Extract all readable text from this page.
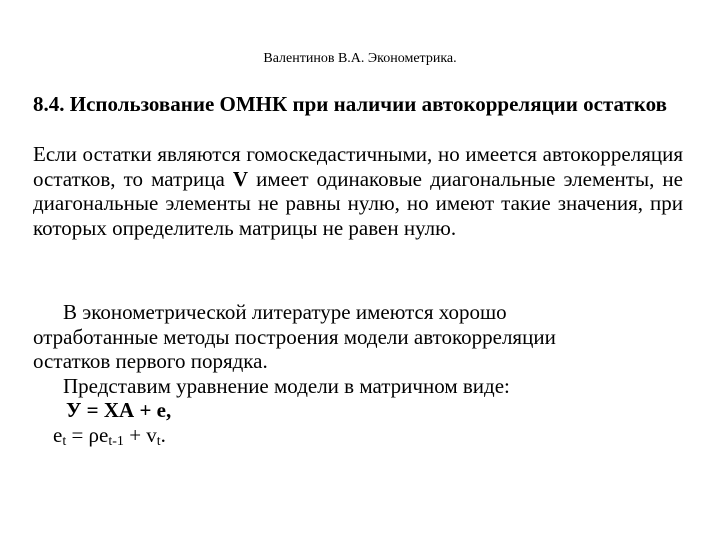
Валентинов В.А. Эконометрика.
8.4. Использование ОМНК при наличии автокорреляции остатков

Если остатки являются гомоскедастичными, но имеется автокорреляция остатков, то матрица V имеет одинаковые диагональные элементы, не диагональные элементы не равны нулю, но имеют такие значения, при которых определитель матрицы не равен нулю.

В эконометрической литературе имеются хорошо
отработанные методы построения модели автокорреляции
остатков первого порядка.
Представим уравнение модели в матричном виде:
У = ХА + е,
$e_t = \rho e_{t-1} + v_t$.
